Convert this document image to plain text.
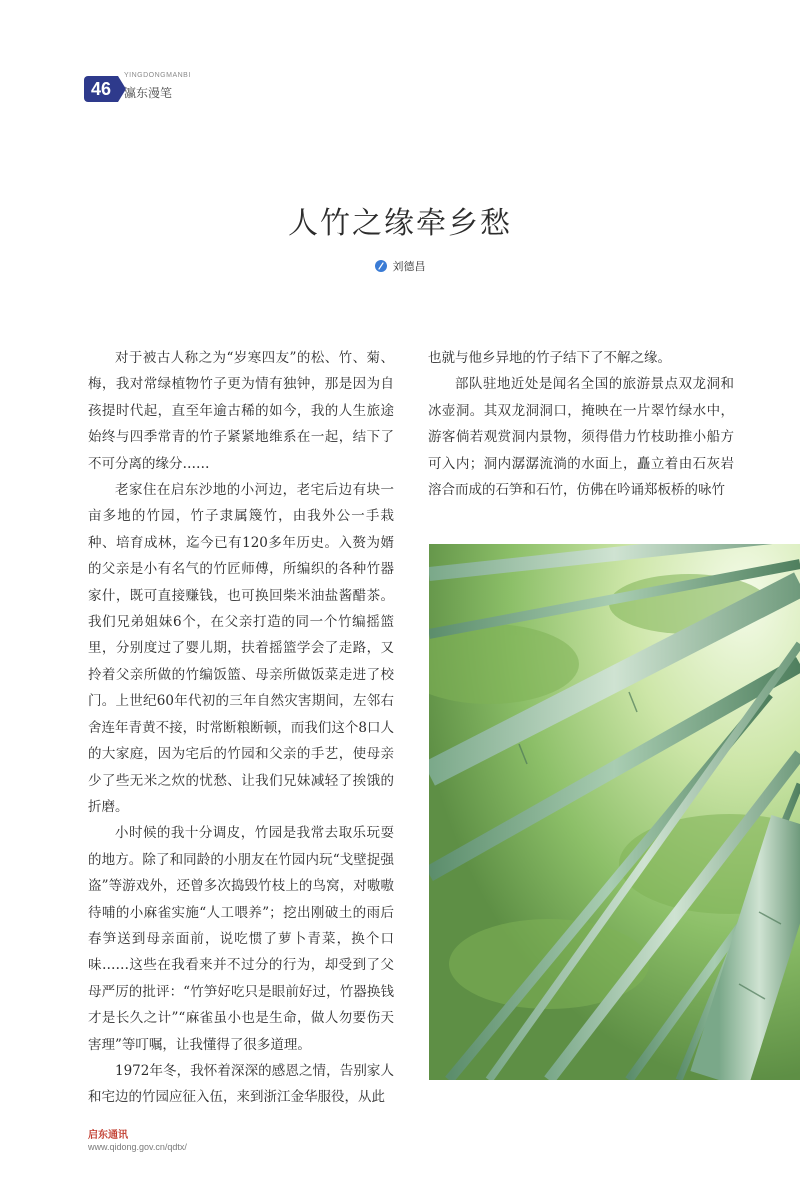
46
YINGDONGMANBI
瀛东漫笔
人竹之缘牵乡愁
刘德昌

对于被古人称之为“岁寒四友”的松、竹、菊、梅，我对常绿植物竹子更为情有独钟，那是因为自孩提时代起，直至年逾古稀的如今，我的人生旅途始终与四季常青的竹子紧紧地维系在一起，结下了不可分离的缘分……

老家住在启东沙地的小河边，老宅后边有块一亩多地的竹园，竹子隶属篾竹，由我外公一手栽种、培育成林，迄今已有120多年历史。入赘为婿的父亲是小有名气的竹匠师傅，所编织的各种竹器家什，既可直接赚钱，也可换回柴米油盐酱醋茶。我们兄弟姐妹6个，在父亲打造的同一个竹编摇篮里，分别度过了婴儿期，扶着摇篮学会了走路，又拎着父亲所做的竹编饭篮、母亲所做饭菜走进了校门。上世纪60年代初的三年自然灾害期间，左邻右舍连年青黄不接，时常断粮断顿，而我们这个8口人的大家庭，因为宅后的竹园和父亲的手艺，使母亲少了些无米之炊的忧愁、让我们兄妹减轻了挨饿的折磨。

小时候的我十分调皮，竹园是我常去取乐玩耍的地方。除了和同龄的小朋友在竹园内玩“戈壁捉强盗”等游戏外，还曾多次捣毁竹枝上的鸟窝，对嗷嗷待哺的小麻雀实施“人工喂养”；挖出刚破土的雨后春笋送到母亲面前，说吃惯了萝卜青菜，换个口味……这些在我看来并不过分的行为，却受到了父母严厉的批评：“竹笋好吃只是眼前好过，竹器换钱才是长久之计”“麻雀虽小也是生命，做人勿要伤天害理”等叮嘱，让我懂得了很多道理。

1972年冬，我怀着深深的感恩之情，告别家人和宅边的竹园应征入伍，来到浙江金华服役，从此

也就与他乡异地的竹子结下了不解之缘。

部队驻地近处是闻名全国的旅游景点双龙洞和冰壶洞。其双龙洞洞口，掩映在一片翠竹绿水中，游客倘若观赏洞内景物，须得借力竹枝助推小船方可入内；洞内潺潺流淌的水面上，矗立着由石灰岩溶合而成的石笋和石竹，仿佛在吟诵郑板桥的咏竹

启东通讯
www.qidong.gov.cn/qdtx/
